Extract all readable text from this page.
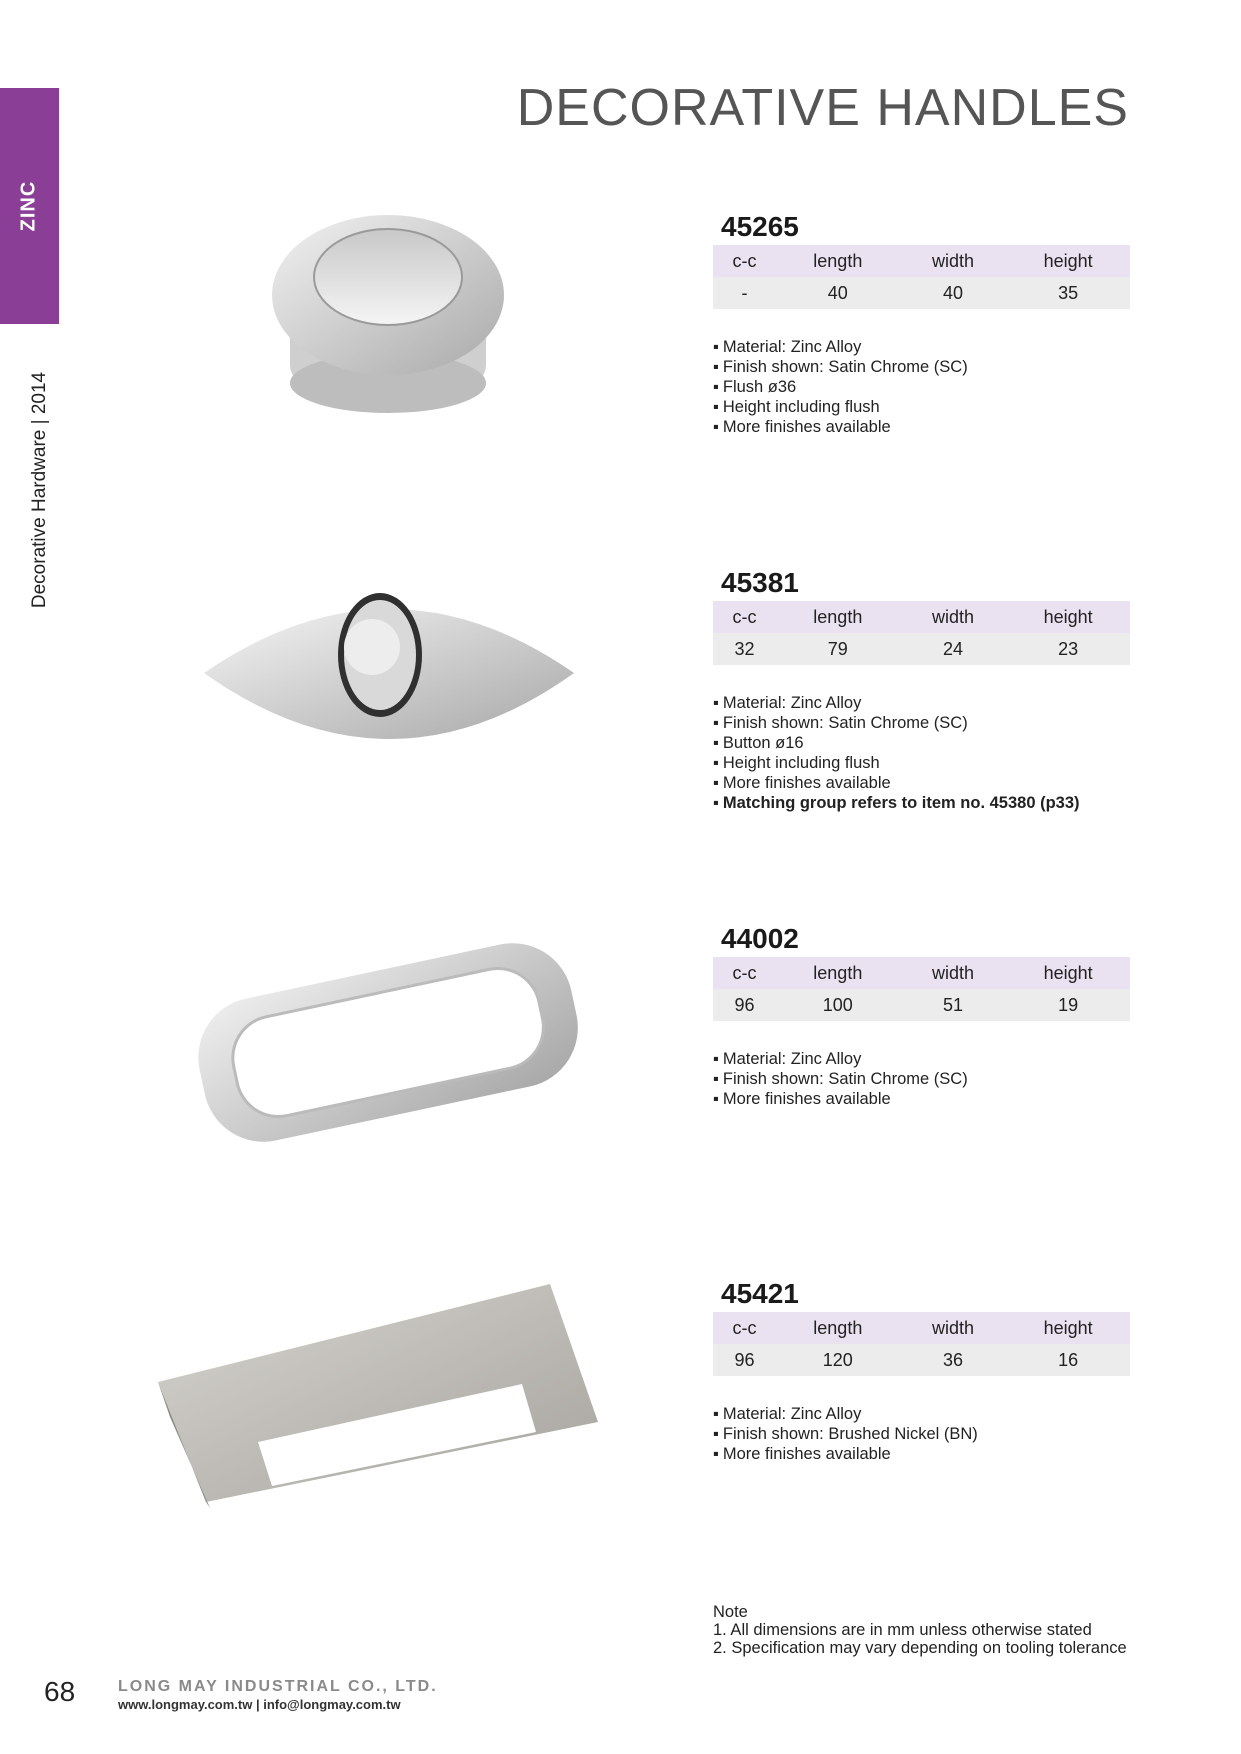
ZINC
Decorative Hardware | 2014
DECORATIVE HANDLES
45265
c-c	length	width	height
-	40	40	35
▪ Material: Zinc Alloy
▪ Finish shown: Satin Chrome (SC)
▪ Flush ø36
▪ Height including flush
▪ More finishes available
45381
c-c	length	width	height
32	79	24	23
▪ Material: Zinc Alloy
▪ Finish shown: Satin Chrome (SC)
▪ Button ø16
▪ Height including flush
▪ More finishes available
▪ Matching group refers to item no. 45380 (p33)
44002
c-c	length	width	height
96	100	51	19
▪ Material: Zinc Alloy
▪ Finish shown: Satin Chrome (SC)
▪ More finishes available
45421
c-c	length	width	height
96	120	36	16
▪ Material: Zinc Alloy
▪ Finish shown: Brushed Nickel (BN)
▪ More finishes available
Note
1. All dimensions are in mm unless otherwise stated
2. Specification may vary depending on tooling tolerance
68	LONG MAY INDUSTRIAL CO., LTD.
www.longmay.com.tw | info@longmay.com.tw
